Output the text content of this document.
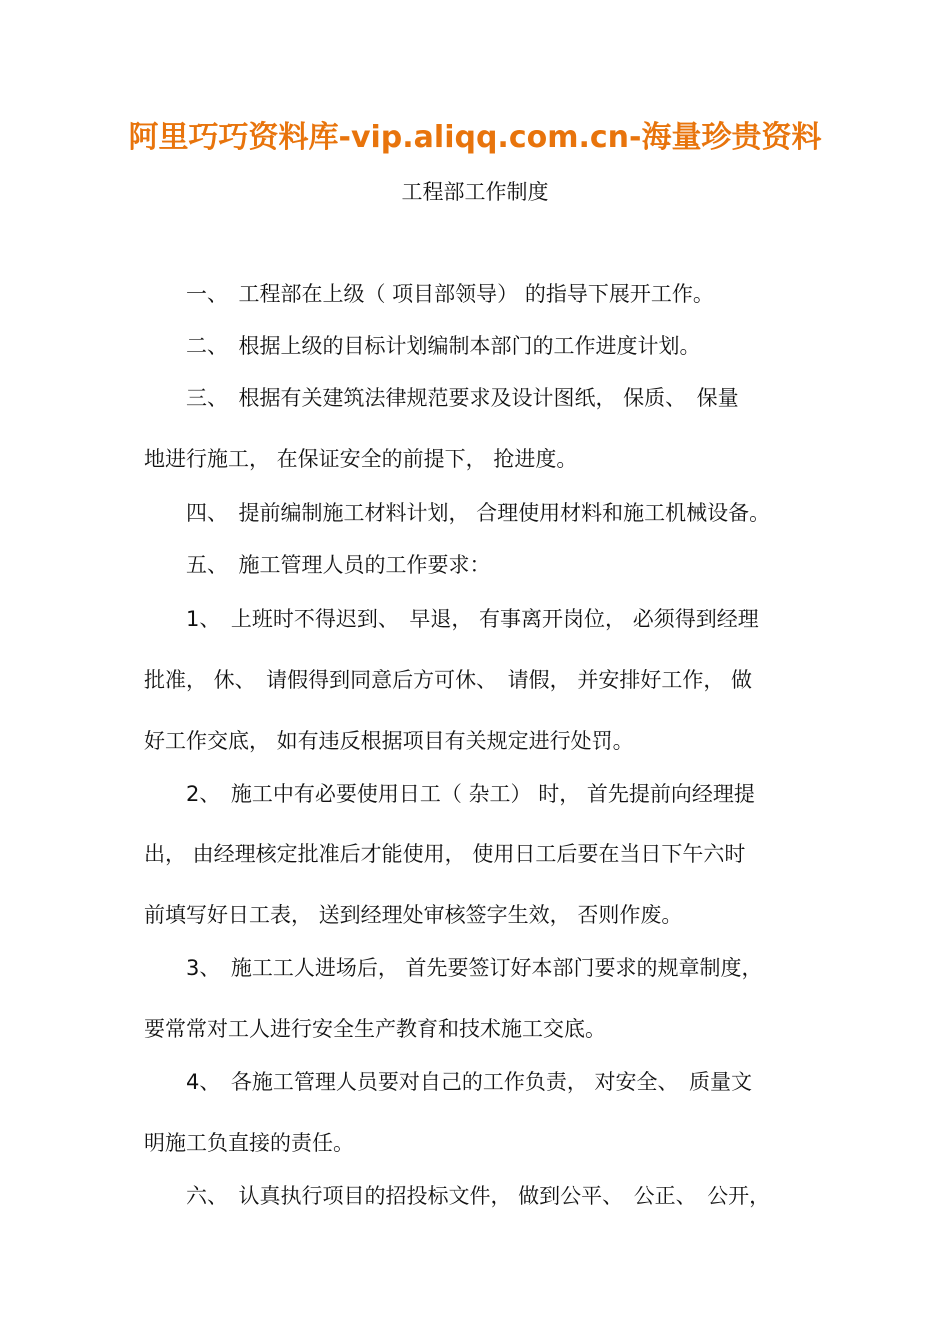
阿里巧巧资料库-vip.aliqq.com.cn-海量珍贵资料
工程部工作制度
　　一、　工程部在上级（ 项目部领导） 的指导下展开工作。
　　二、　根据上级的目标计划编制本部门的工作进度计划。
　　三、　根据有关建筑法律规范要求及设计图纸， 保质、　保量
地进行施工， 在保证安全的前提下， 抢进度。
　　四、　提前编制施工材料计划， 合理使用材料和施工机械设备。
　　五、　施工管理人员的工作要求：
　　1、　上班时不得迟到、　早退， 有事离开岗位， 必须得到经理
批准， 休、　请假得到同意后方可休、　请假， 并安排好工作， 做
好工作交底， 如有违反根据项目有关规定进行处罚。
　　2、　施工中有必要使用日工（ 杂工） 时， 首先提前向经理提
出， 由经理核定批准后才能使用， 使用日工后要在当日下午六时
前填写好日工表， 送到经理处审核签字生效， 否则作废。
　　3、　施工工人进场后， 首先要签订好本部门要求的规章制度，
要常常对工人进行安全生产教育和技术施工交底。
　　4、　各施工管理人员要对自己的工作负责， 对安全、　质量文
明施工负直接的责任。
　　六、　认真执行项目的招投标文件， 做到公平、　公正、　公开，
